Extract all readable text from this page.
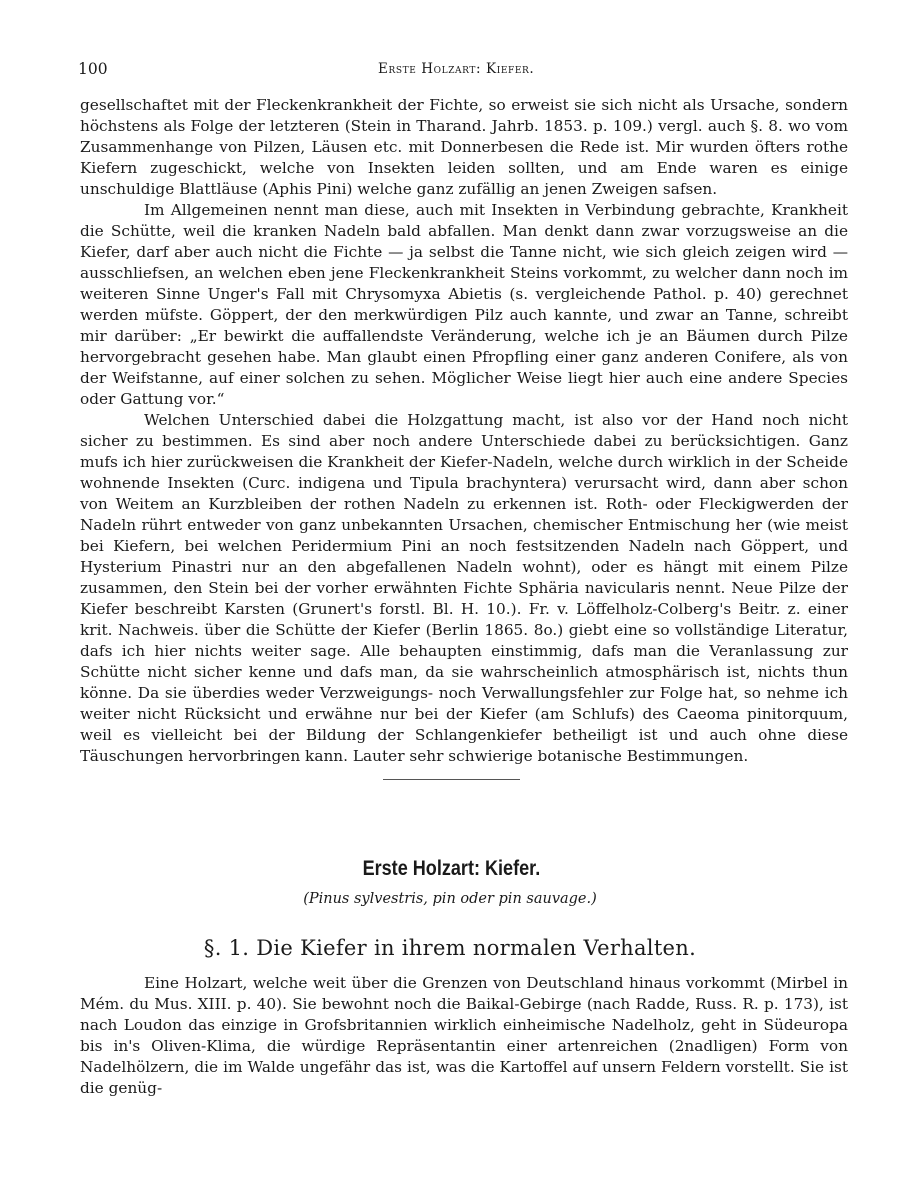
100	Erste Holzart: Kiefer.

gesellschaftet mit der Fleckenkrankheit der Fichte, so erweist sie sich nicht als Ursache, sondern höchstens als Folge der letzteren (Stein in Tharand. Jahrb. 1853. p. 109.) vergl. auch §. 8. wo vom Zusammenhange von Pilzen, Läusen etc. mit Donnerbesen die Rede ist. Mir wurden öfters rothe Kiefern zugeschickt, welche von Insekten leiden sollten, und am Ende waren es einige unschuldige Blattläuse (Aphis Pini) welche ganz zufällig an jenen Zweigen safsen.

Im Allgemeinen nennt man diese, auch mit Insekten in Verbindung gebrachte, Krankheit die Schütte, weil die kranken Nadeln bald abfallen. Man denkt dann zwar vorzugsweise an die Kiefer, darf aber auch nicht die Fichte — ja selbst die Tanne nicht, wie sich gleich zeigen wird — ausschliefsen, an welchen eben jene Fleckenkrankheit Steins vorkommt, zu welcher dann noch im weiteren Sinne Unger's Fall mit Chrysomyxa Abietis (s. vergleichende Pathol. p. 40) gerechnet werden müfste. Göppert, der den merkwürdigen Pilz auch kannte, und zwar an Tanne, schreibt mir darüber: „Er bewirkt die auffallendste Veränderung, welche ich je an Bäumen durch Pilze hervorgebracht gesehen habe. Man glaubt einen Pfropfling einer ganz anderen Conifere, als von der Weifstanne, auf einer solchen zu sehen. Möglicher Weise liegt hier auch eine andere Species oder Gattung vor.“

Welchen Unterschied dabei die Holzgattung macht, ist also vor der Hand noch nicht sicher zu bestimmen. Es sind aber noch andere Unterschiede dabei zu berücksichtigen. Ganz mufs ich hier zurückweisen die Krankheit der Kiefer-Nadeln, welche durch wirklich in der Scheide wohnende Insekten (Curc. indigena und Tipula brachyntera) verursacht wird, dann aber schon von Weitem an Kurzbleiben der rothen Nadeln zu erkennen ist. Roth- oder Fleckigwerden der Nadeln rührt entweder von ganz unbekannten Ursachen, chemischer Entmischung her (wie meist bei Kiefern, bei welchen Peridermium Pini an noch festsitzenden Nadeln nach Göppert, und Hysterium Pinastri nur an den abgefallenen Nadeln wohnt), oder es hängt mit einem Pilze zusammen, den Stein bei der vorher erwähnten Fichte Sphäria navicularis nennt. Neue Pilze der Kiefer beschreibt Karsten (Grunert's forstl. Bl. H. 10.). Fr. v. Löffelholz-Colberg's Beitr. z. einer krit. Nachweis. über die Schütte der Kiefer (Berlin 1865. 8o.) giebt eine so vollständige Literatur, dafs ich hier nichts weiter sage. Alle behaupten einstimmig, dafs man die Veranlassung zur Schütte nicht sicher kenne und dafs man, da sie wahrscheinlich atmosphärisch ist, nichts thun könne. Da sie überdies weder Verzweigungs- noch Verwallungsfehler zur Folge hat, so nehme ich weiter nicht Rücksicht und erwähne nur bei der Kiefer (am Schlufs) des Caeoma pinitorquum, weil es vielleicht bei der Bildung der Schlangenkiefer betheiligt ist und auch ohne diese Täuschungen hervorbringen kann. Lauter sehr schwierige botanische Bestimmungen.

Erste Holzart: Kiefer.
(Pinus sylvestris, pin oder pin sauvage.)
§. 1. Die Kiefer in ihrem normalen Verhalten.

Eine Holzart, welche weit über die Grenzen von Deutschland hinaus vorkommt (Mirbel in Mém. du Mus. XIII. p. 40). Sie bewohnt noch die Baikal-Gebirge (nach Radde, Russ. R. p. 173), ist nach Loudon das einzige in Grofsbritannien wirklich einheimische Nadelholz, geht in Südeuropa bis in's Oliven-Klima, die würdige Repräsentantin einer artenreichen (2nadligen) Form von Nadelhölzern, die im Walde ungefähr das ist, was die Kartoffel auf unsern Feldern vorstellt. Sie ist die genüg-
